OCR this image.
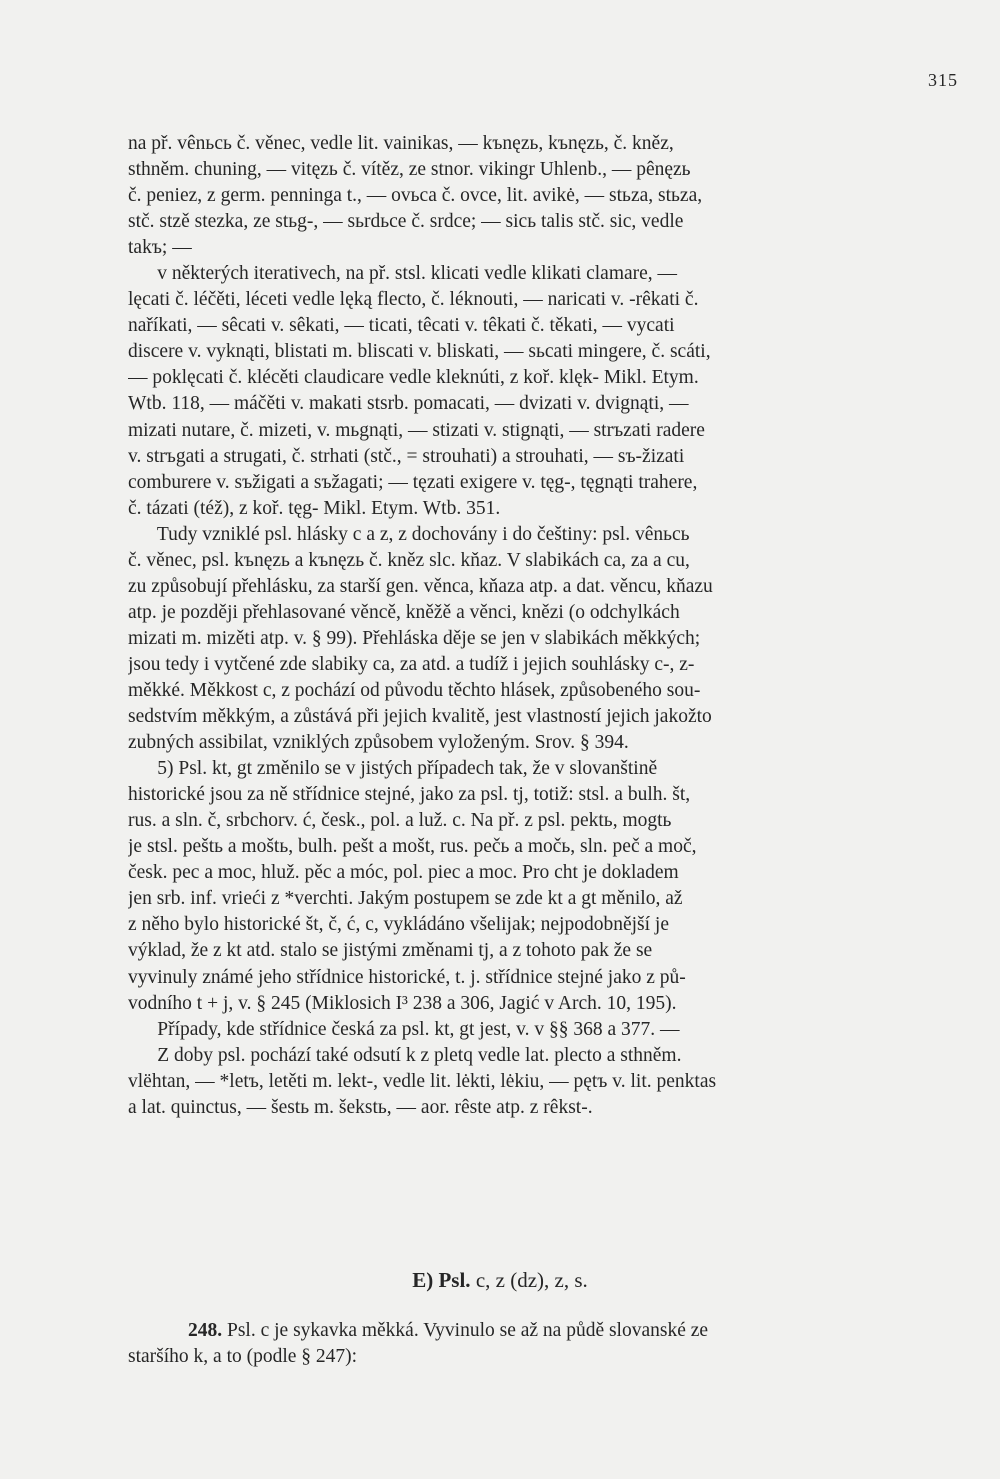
315
na př. vênьcь č. věnec, vedle lit. vainikas, — kъnęzь, kъnęzь, č. kněz,
sthněm. chuning, — vitęzь č. vítěz, ze stnor. vikingr Uhlenb., — pênęzь
č. peniez, z germ. penninga t., — ovьca č. ovce, lit. avikė, — stьza, stьza,
stč. stzě stezka, ze stьg-, — sьrdьce č. srdce; — sicь talis stč. sic, vedle
takъ; —
v některých iterativech, na př. stsl. klicati vedle klikati clamare, —
lęcati č. léčěti, léceti vedle lęką flecto, č. léknouti, — naricati v. -rêkati č.
naříkati, — sêcati v. sêkati, — ticati, têcati v. têkati č. těkati, — vycati
discere v. vyknąti, blistati m. bliscati v. bliskati, — sьcati mingere, č. scáti,
— poklęcati č. klécěti claudicare vedle kleknúti, z koř. klęk- Mikl. Etym.
Wtb. 118, — máčěti v. makati stsrb. pomacati, — dvizati v. dvignąti, —
mizati nutare, č. mizeti, v. mьgnąti, — stizati v. stignąti, — strъzati radere
v. strъgati a strugati, č. strhati (stč., = strouhati) a strouhati, — sъ-žizati
comburere v. sъžigati a sъžagati; — tęzati exigere v. tęg-, tęgnąti trahere,
č. tázati (též), z koř. tęg- Mikl. Etym. Wtb. 351.
Tudy vzniklé psl. hlásky c a z, z dochovány i do češtiny: psl. vênьcь
č. věnec, psl. kъnęzь a kъnęzь č. kněz slc. kňaz. V slabikách ca, za a cu,
zu způsobují přehlásku, za starší gen. věnca, kňaza atp. a dat. věncu, kňazu
atp. je později přehlasované věncě, kněžě a věnci, knězi (o odchylkách
mizati m. mizěti atp. v. § 99). Přehláska děje se jen v slabikách měkkých;
jsou tedy i vytčené zde slabiky ca, za atd. a tudíž i jejich souhlásky c-, z-
měkké. Měkkost c, z pochází od původu těchto hlásek, způsobeného sou-
sedstvím měkkým, a zůstává při jejich kvalitě, jest vlastností jejich jakožto
zubných assibilat, vzniklých způsobem vyloženým. Srov. § 394.
5) Psl. kt, gt změnilo se v jistých případech tak, že v slovanštině
historické jsou za ně střídnice stejné, jako za psl. tj, totiž: stsl. a bulh. št,
rus. a sln. č, srbchorv. ć, česk., pol. a luž. c. Na př. z psl. pektь, mogtь
je stsl. peštь a moštь, bulh. pešt a mošt, rus. pečь a močь, sln. peč a moč,
česk. pec a moc, hluž. pěc a móc, pol. piec a moc. Pro cht je dokladem
jen srb. inf. vrieći z *verchti. Jakým postupem se zde kt a gt měnilo, až
z něho bylo historické št, č, ć, c, vykládáno všelijak; nejpodobnější je
výklad, že z kt atd. stalo se jistými změnami tj, a z tohoto pak že se
vyvinuly známé jeho střídnice historické, t. j. střídnice stejné jako z pů-
vodního t + j, v. § 245 (Miklosich I³ 238 a 306, Jagić v Arch. 10, 195).
Případy, kde střídnice česká za psl. kt, gt jest, v. v §§ 368 a 377. —
Z doby psl. pochází také odsutí k z pletq vedle lat. plecto a sthněm.
vlëhtan, — *letъ, letěti m. lekt-, vedle lit. lėkti, lėkiu, — pętъ v. lit. penktas
a lat. quinctus, — šestь m. šekstь, — aor. rêste atp. z rêkst-.
E) Psl. c, z (dz), z, s.
248. Psl. c je sykavka měkká. Vyvinulo se až na půdě slovanské ze
staršího k, a to (podle § 247):
